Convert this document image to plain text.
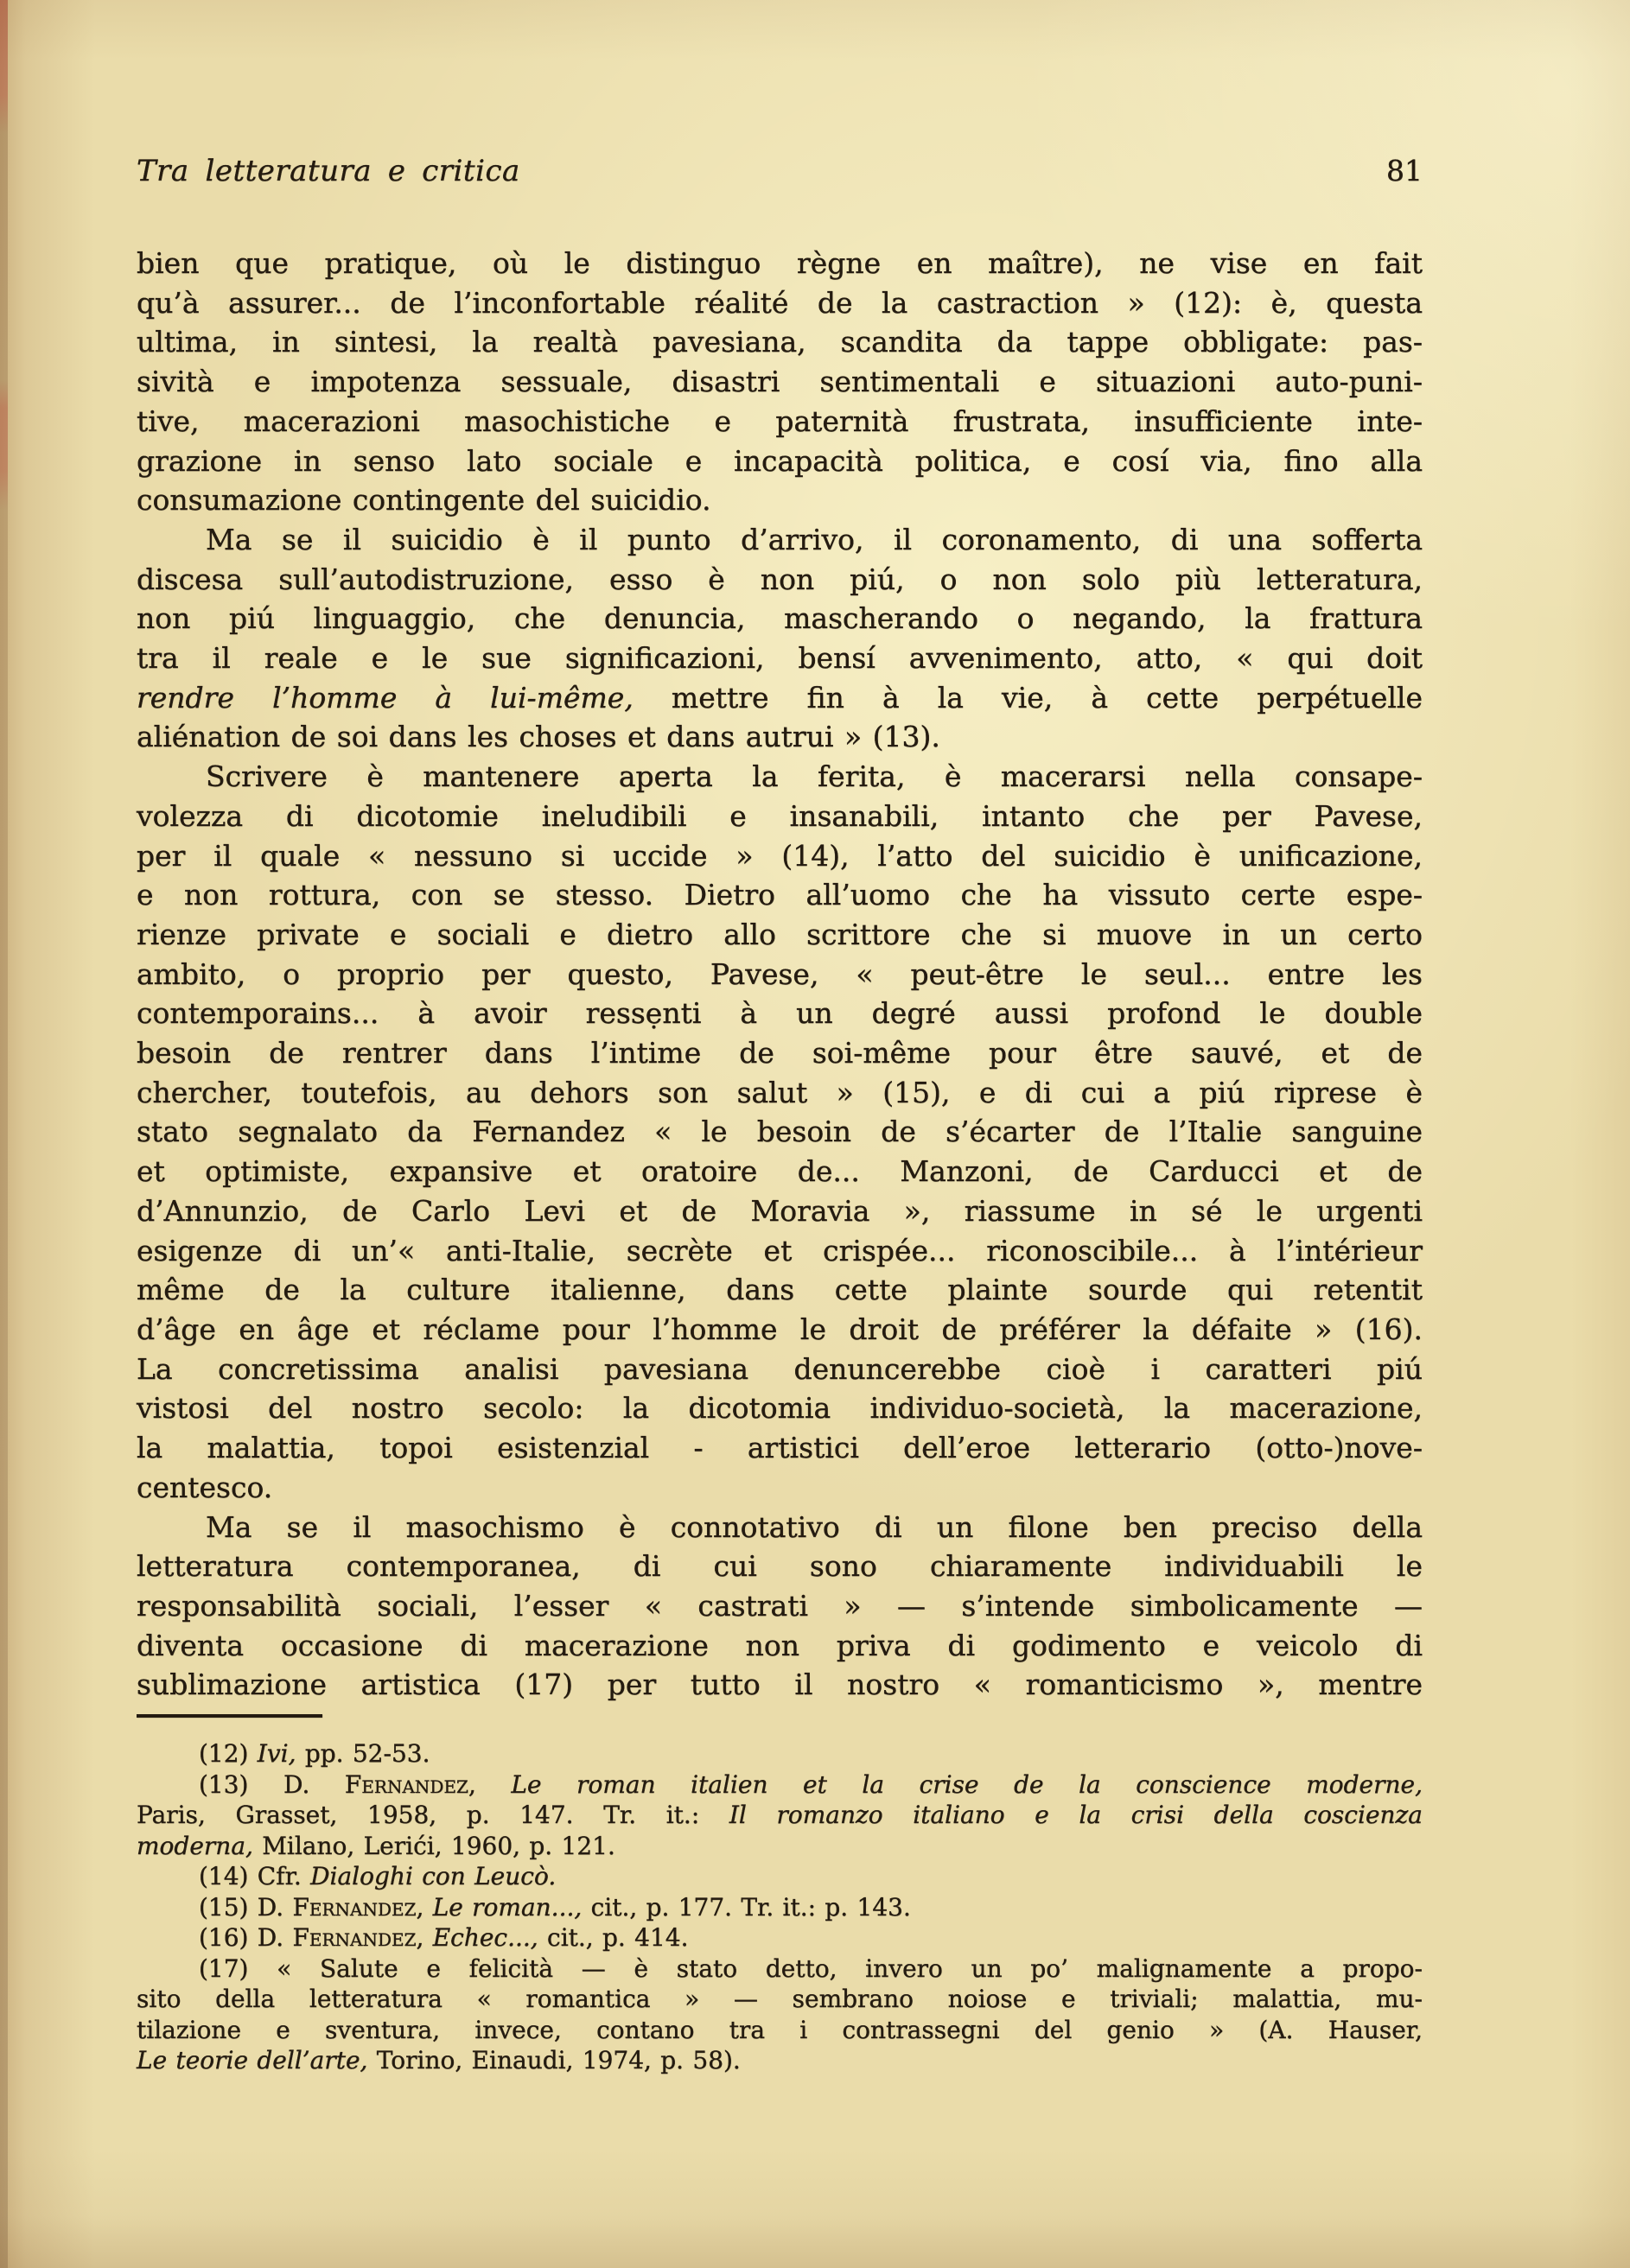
Tra letteratura e critica	81
bien que pratique, où le distinguo règne en maître), ne vise en fait
qu’à assurer... de l’inconfortable réalité de la castraction » (12): è, questa
ultima, in sintesi, la realtà pavesiana, scandita da tappe obbligate: pas-
sività e impotenza sessuale, disastri sentimentali e situazioni auto-puni-
tive, macerazioni masochistiche e paternità frustrata, insufficiente inte-
grazione in senso lato sociale e incapacità politica, e cosí via, fino alla
consumazione contingente del suicidio.
Ma se il suicidio è il punto d’arrivo, il coronamento, di una sofferta
discesa sull’autodistruzione, esso è non piú, o non solo più letteratura,
non piú linguaggio, che denuncia, mascherando o negando, la frattura
tra il reale e le sue significazioni, bensí avvenimento, atto, « qui doit
rendre l’homme à lui-même, mettre fin à la vie, à cette perpétuelle
aliénation de soi dans les choses et dans autrui » (13).
Scrivere è mantenere aperta la ferita, è macerarsi nella consape-
volezza di dicotomie ineludibili e insanabili, intanto che per Pavese,
per il quale « nessuno si uccide » (14), l’atto del suicidio è unificazione,
e non rottura, con se stesso. Dietro all’uomo che ha vissuto certe espe-
rienze private e sociali e dietro allo scrittore che si muove in un certo
ambito, o proprio per questo, Pavese, « peut-être le seul... entre les
contemporains... à avoir ressẹnti à un degré aussi profond le double
besoin de rentrer dans l’intime de soi-même pour être sauvé, et de
chercher, toutefois, au dehors son salut » (15), e di cui a piú riprese è
stato segnalato da Fernandez « le besoin de s’écarter de l’Italie sanguine
et optimiste, expansive et oratoire de... Manzoni, de Carducci et de
d’Annunzio, de Carlo Levi et de Moravia », riassume in sé le urgenti
esigenze di un’« anti-Italie, secrète et crispée... riconoscibile... à l’intérieur
même de la culture italienne, dans cette plainte sourde qui retentit
d’âge en âge et réclame pour l’homme le droit de préférer la défaite » (16).
La concretissima analisi pavesiana denuncerebbe cioè i caratteri piú
vistosi del nostro secolo: la dicotomia individuo-società, la macerazione,
la malattia, topoi esistenzial - artistici dell’eroe letterario (otto-)nove-
centesco.
Ma se il masochismo è connotativo di un filone ben preciso della
letteratura contemporanea, di cui sono chiaramente individuabili le
responsabilità sociali, l’esser « castrati » — s’intende simbolicamente —
diventa occasione di macerazione non priva di godimento e veicolo di
sublimazione artistica (17) per tutto il nostro « romanticismo », mentre
(12) Ivi, pp. 52-53.
(13) D. Fernandez, Le roman italien et la crise de la conscience moderne,
Paris, Grasset, 1958, p. 147. Tr. it.: Il romanzo italiano e la crisi della coscienza
moderna, Milano, Lerići, 1960, p. 121.
(14) Cfr. Dialoghi con Leucò.
(15) D. Fernandez, Le roman..., cit., p. 177. Tr. it.: p. 143.
(16) D. Fernandez, Echec..., cit., p. 414.
(17) « Salute e felicità — è stato detto, invero un po’ malignamente a propo-
sito della letteratura « romantica » — sembrano noiose e triviali; malattia, mu-
tilazione e sventura, invece, contano tra i contrassegni del genio » (A. Hauser,
Le teorie dell’arte, Torino, Einaudi, 1974, p. 58).
